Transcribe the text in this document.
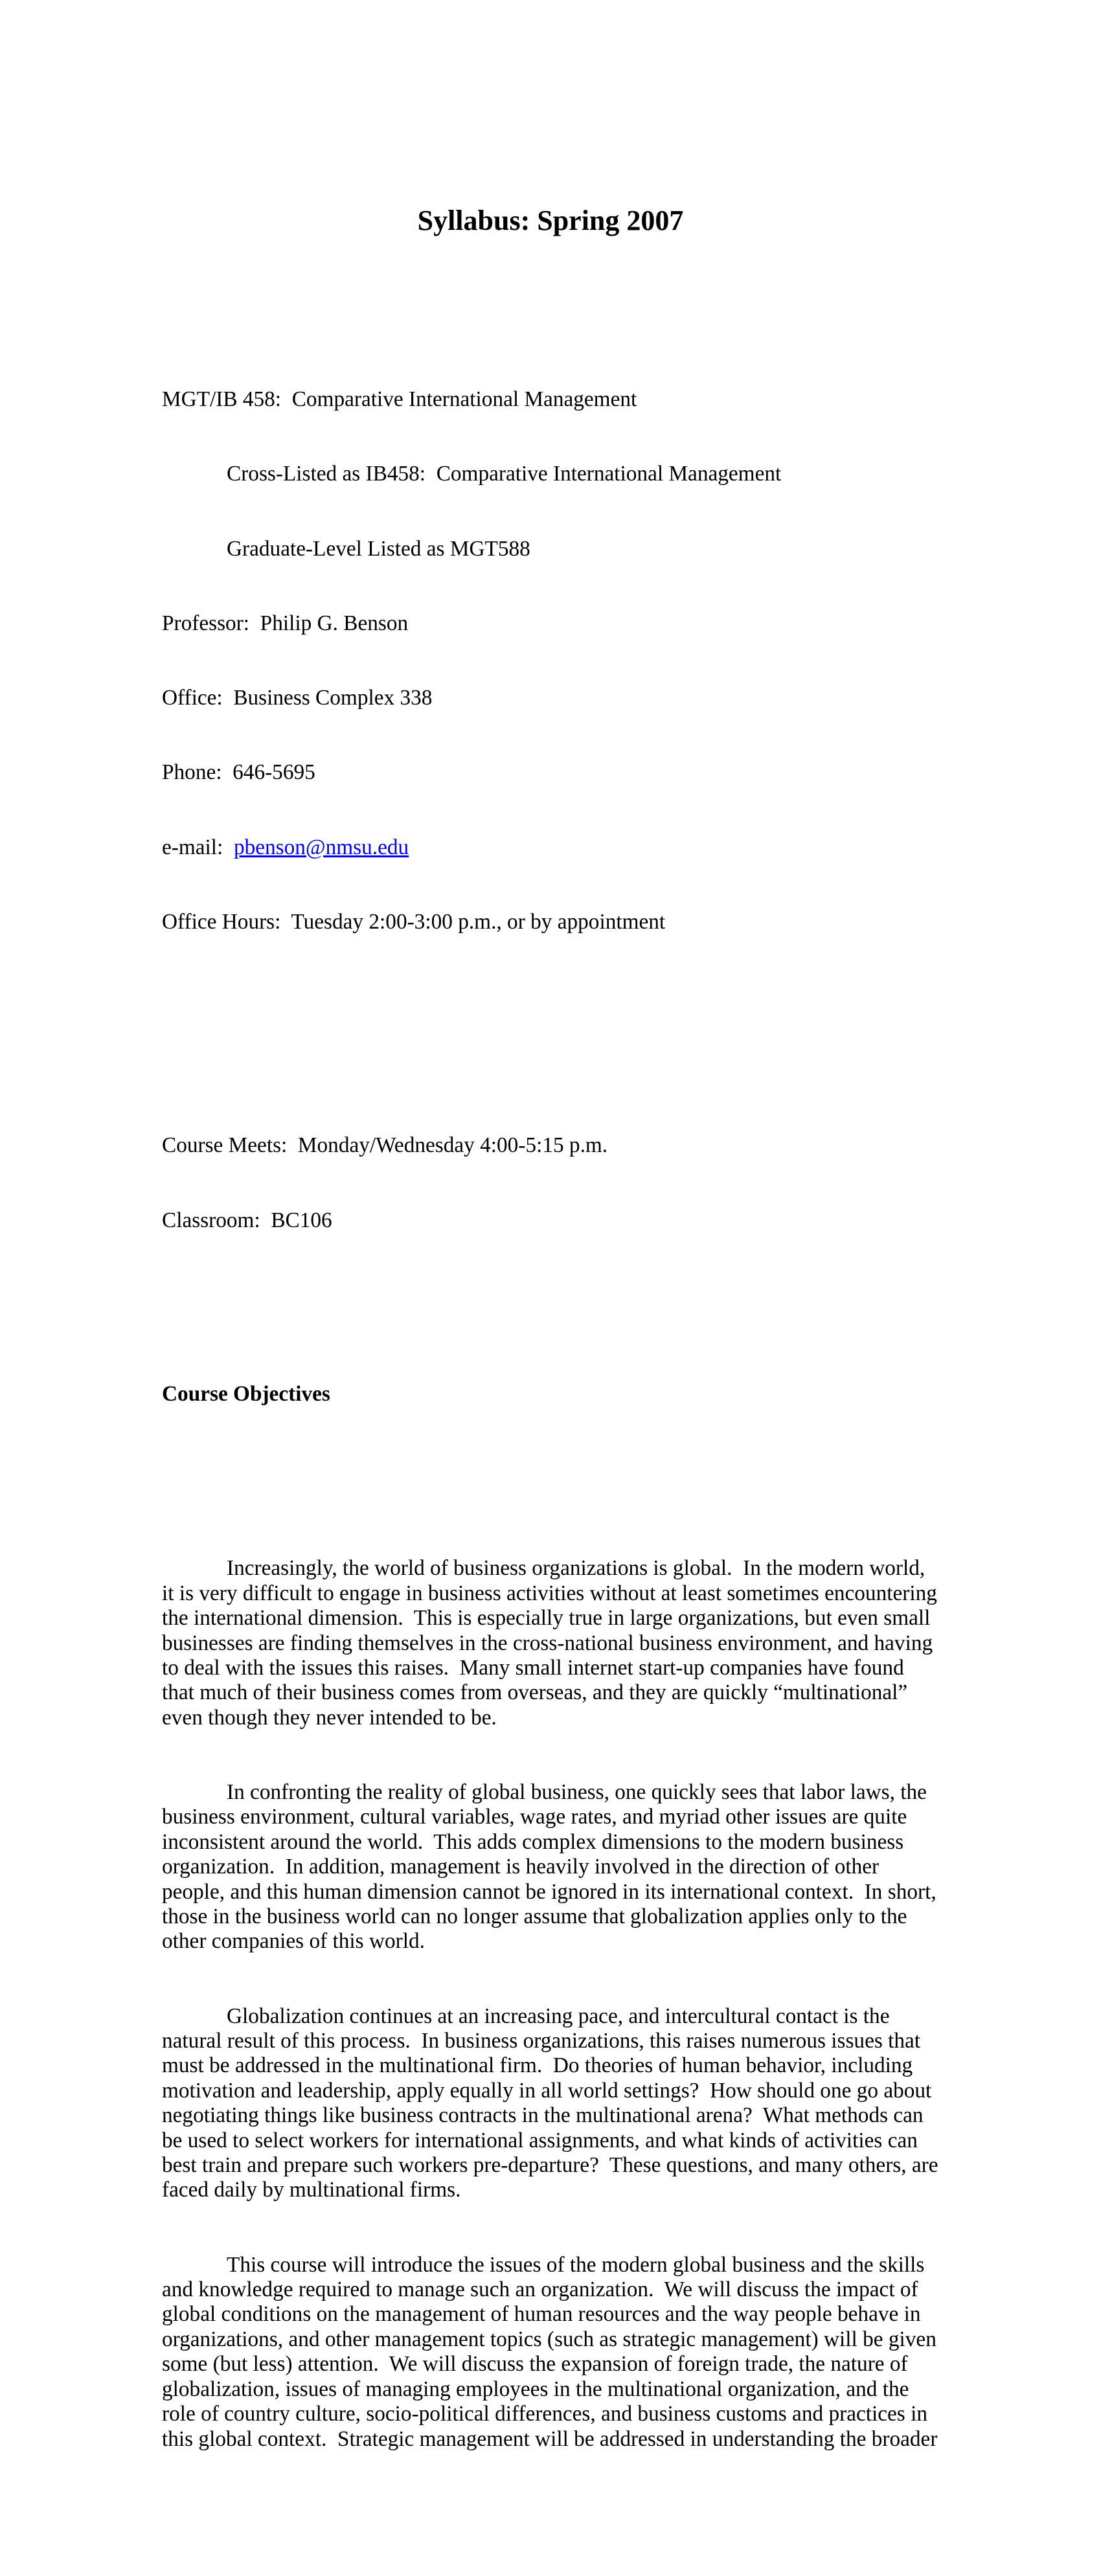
Syllabus: Spring 2007

MGT/IB 458:  Comparative International Management

Cross-Listed as IB458:  Comparative International Management

Graduate-Level Listed as MGT588

Professor:  Philip G. Benson

Office:  Business Complex 338

Phone:  646-5695

e-mail:  pbenson@nmsu.edu

Office Hours:  Tuesday 2:00-3:00 p.m., or by appointment

Course Meets:  Monday/Wednesday 4:00-5:15 p.m.

Classroom:  BC106

Course Objectives

Increasingly, the world of business organizations is global.  In the modern world, it is very difficult to engage in business activities without at least sometimes encountering the international dimension.  This is especially true in large organizations, but even small businesses are finding themselves in the cross-national business environment, and having to deal with the issues this raises.  Many small internet start-up companies have found that much of their business comes from overseas, and they are quickly “multinational” even though they never intended to be.

In confronting the reality of global business, one quickly sees that labor laws, the business environment, cultural variables, wage rates, and myriad other issues are quite inconsistent around the world.  This adds complex dimensions to the modern business organization.  In addition, management is heavily involved in the direction of other people, and this human dimension cannot be ignored in its international context.  In short, those in the business world can no longer assume that globalization applies only to the other companies of this world.

Globalization continues at an increasing pace, and intercultural contact is the natural result of this process.  In business organizations, this raises numerous issues that must be addressed in the multinational firm.  Do theories of human behavior, including motivation and leadership, apply equally in all world settings?  How should one go about negotiating things like business contracts in the multinational arena?  What methods can be used to select workers for international assignments, and what kinds of activities can best train and prepare such workers pre-departure?  These questions, and many others, are faced daily by multinational firms.

This course will introduce the issues of the modern global business and the skills and knowledge required to manage such an organization.  We will discuss the impact of global conditions on the management of human resources and the way people behave in organizations, and other management topics (such as strategic management) will be given some (but less) attention.  We will discuss the expansion of foreign trade, the nature of globalization, issues of managing employees in the multinational organization, and the role of country culture, socio-political differences, and business customs and practices in this global context.  Strategic management will be addressed in understanding the broader
